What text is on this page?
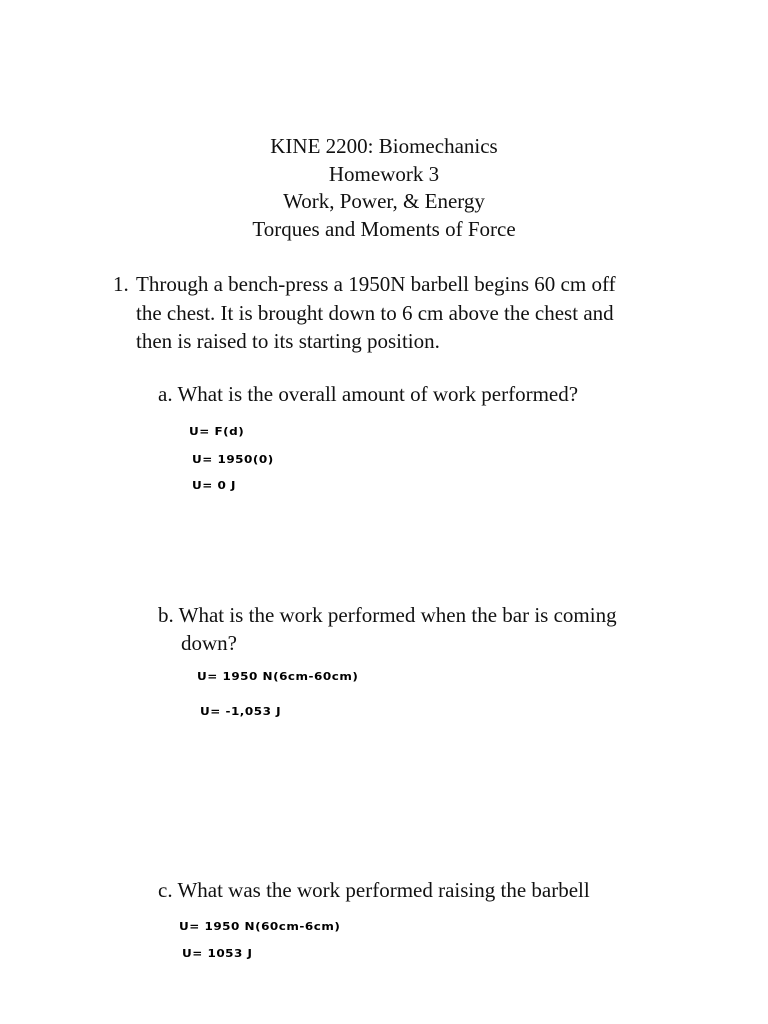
KINE 2200: Biomechanics
Homework 3
Work, Power, & Energy
Torques and Moments of Force
1. Through a bench-press a 1950N barbell begins 60 cm off
the chest. It is brought down to 6 cm above the chest and
then is raised to its starting position.
a. What is the overall amount of work performed?
U= F(d)
U= 1950(0)
U= 0 J
b. What is the work performed when the bar is coming
down?
U= 1950 N(6cm-60cm)
U= -1,053 J
c. What was the work performed raising the barbell
U= 1950 N(60cm-6cm)
U= 1053 J
